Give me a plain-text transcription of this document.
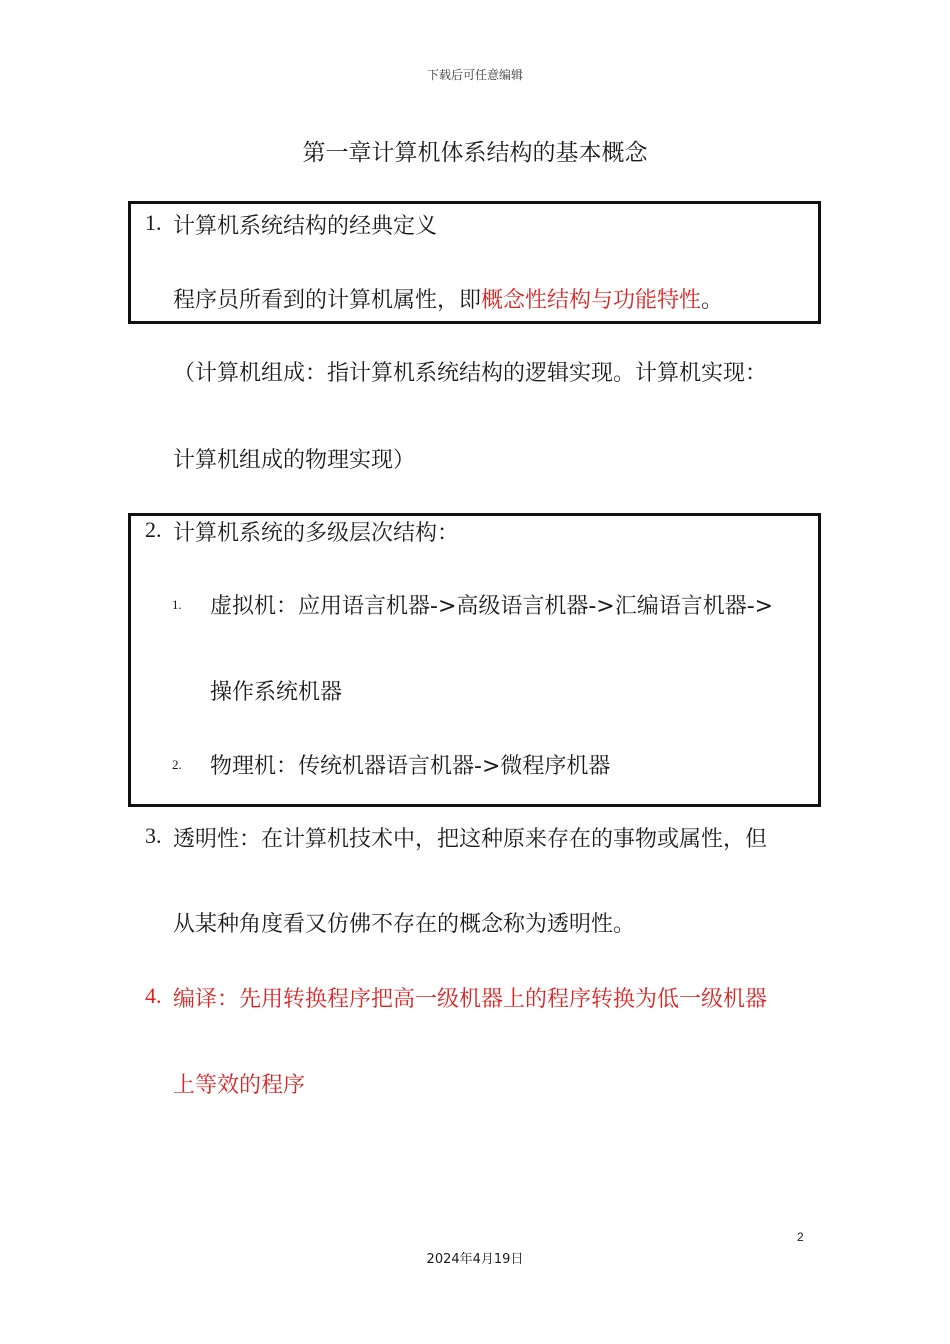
下载后可任意编辑
第一章计算机体系结构的基本概念
1. 计算机系统结构的经典定义
程序员所看到的计算机属性，即概念性结构与功能特性。
（计算机组成：指计算机系统结构的逻辑实现。计算机实现：
计算机组成的物理实现）
2. 计算机系统的多级层次结构：
1. 虚拟机：应用语言机器->高级语言机器->汇编语言机器->
操作系统机器
2. 物理机：传统机器语言机器->微程序机器
3. 透明性：在计算机技术中，把这种原来存在的事物或属性，但
从某种角度看又仿佛不存在的概念称为透明性。
4. 编译：先用转换程序把高一级机器上的程序转换为低一级机器
上等效的程序
2
2024年4月19日
